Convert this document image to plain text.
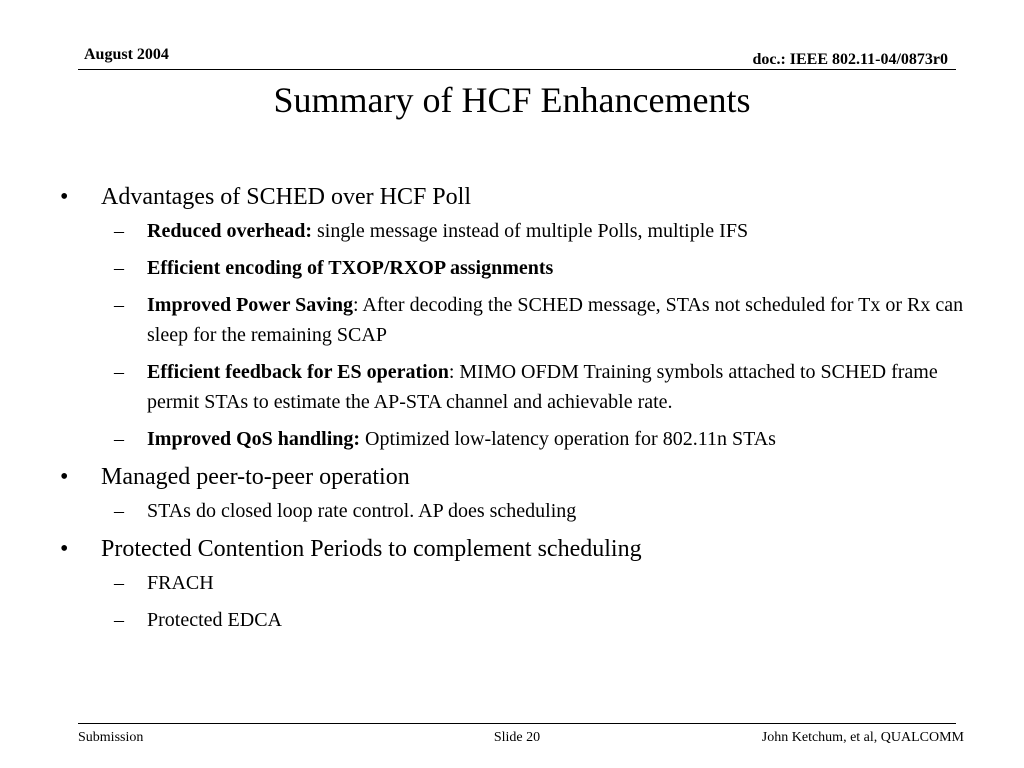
August 2004	doc.: IEEE 802.11-04/0873r0
Summary of HCF Enhancements
• Advantages of SCHED over HCF Poll
– Reduced overhead: single message instead of multiple Polls, multiple IFS
– Efficient encoding of TXOP/RXOP assignments
– Improved Power Saving: After decoding the SCHED message, STAs not scheduled for Tx or Rx can sleep for the remaining SCAP
– Efficient feedback for ES operation: MIMO OFDM Training symbols attached to SCHED frame permit STAs to estimate the AP-STA channel and achievable rate.
– Improved QoS handling: Optimized low-latency operation for 802.11n STAs
• Managed peer-to-peer operation
– STAs do closed loop rate control. AP does scheduling
• Protected Contention Periods to complement scheduling
– FRACH
– Protected EDCA
Submission	Slide 20	John Ketchum, et al, QUALCOMM
